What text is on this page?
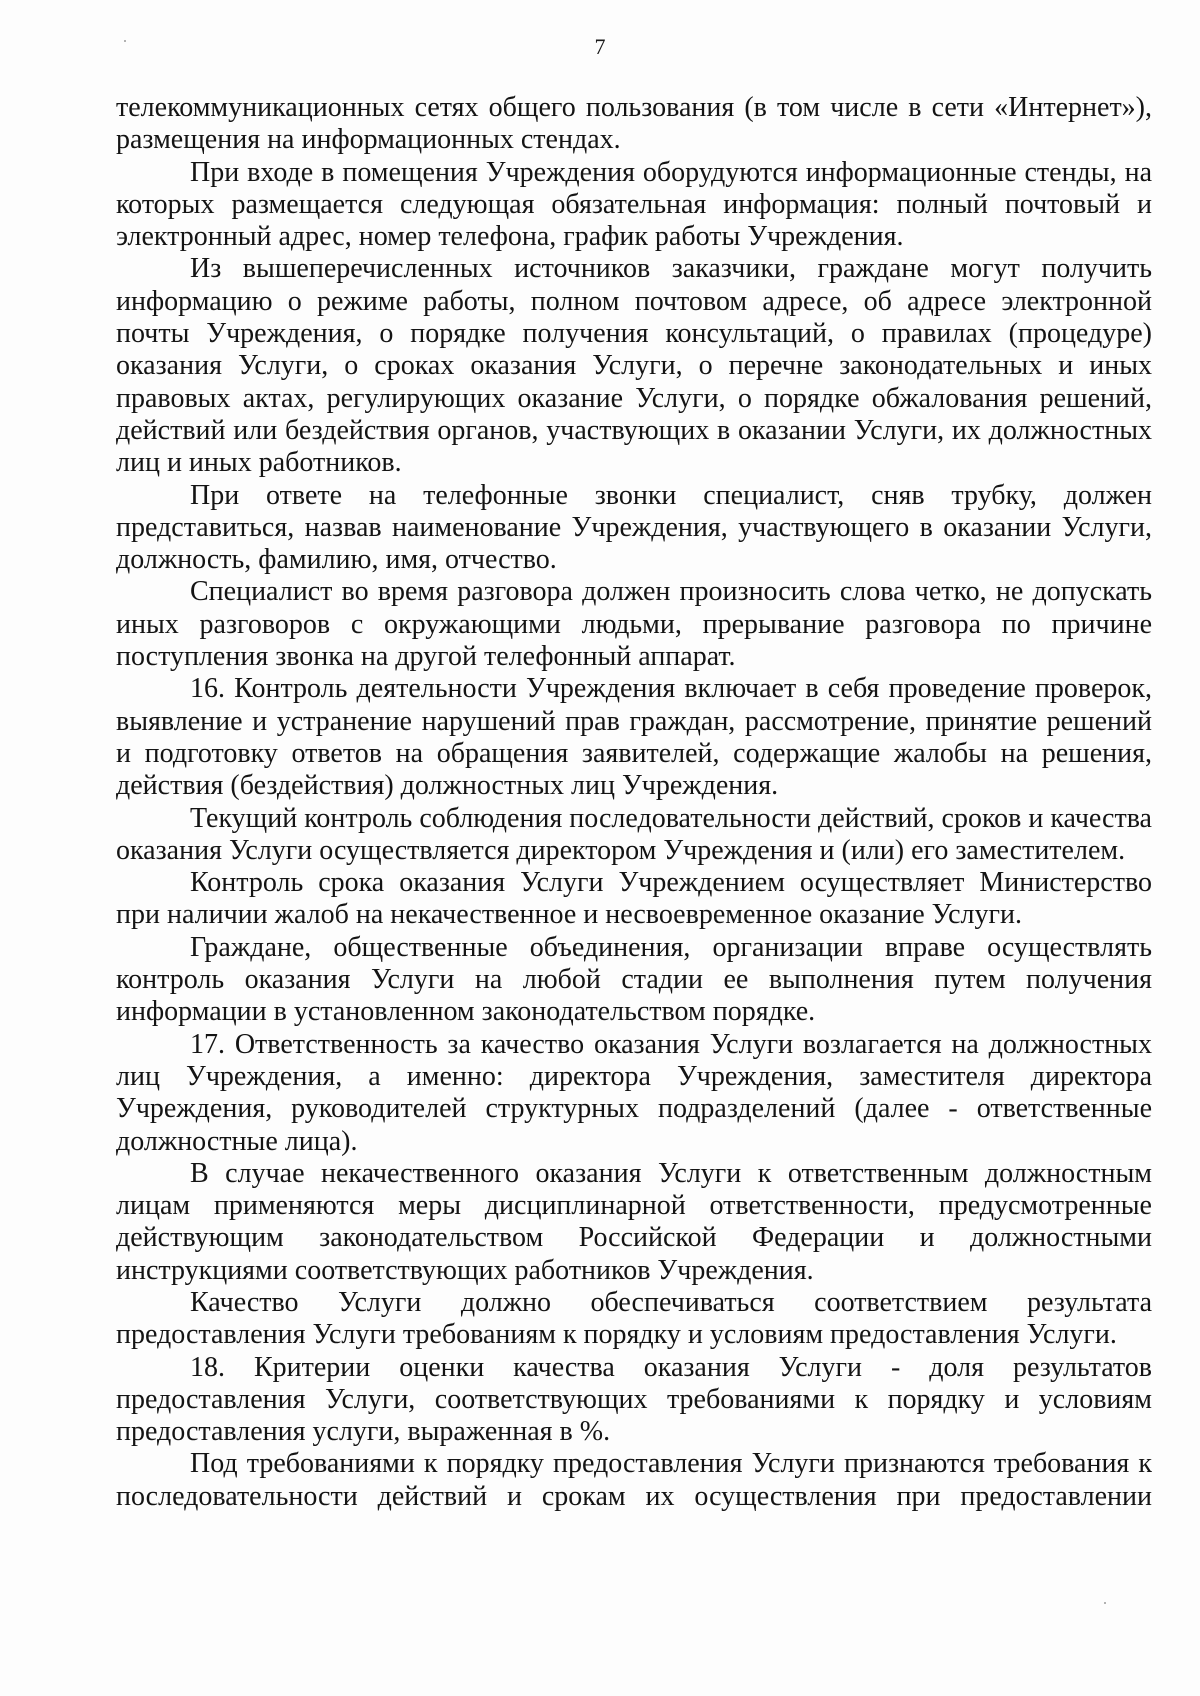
7

телекоммуникационных сетях общего пользования (в том числе в сети «Интернет»), размещения на информационных стендах.

При входе в помещения Учреждения оборудуются информационные стенды, на которых размещается следующая обязательная информация: полный почтовый и электронный адрес, номер телефона, график работы Учреждения.

Из вышеперечисленных источников заказчики, граждане могут получить информацию о режиме работы, полном почтовом адресе, об адресе электронной почты Учреждения, о порядке получения консультаций, о правилах (процедуре) оказания Услуги, о сроках оказания Услуги, о перечне законодательных и иных правовых актах, регулирующих оказание Услуги, о порядке обжалования решений, действий или бездействия органов, участвующих в оказании Услуги, их должностных лиц и иных работников.

При ответе на телефонные звонки специалист, сняв трубку, должен представиться, назвав наименование Учреждения, участвующего в оказании Услуги, должность, фамилию, имя, отчество.

Специалист во время разговора должен произносить слова четко, не допускать иных разговоров с окружающими людьми, прерывание разговора по причине поступления звонка на другой телефонный аппарат.

16. Контроль деятельности Учреждения включает в себя проведение проверок, выявление и устранение нарушений прав граждан, рассмотрение, принятие решений и подготовку ответов на обращения заявителей, содержащие жалобы на решения, действия (бездействия) должностных лиц Учреждения.

Текущий контроль соблюдения последовательности действий, сроков и качества оказания Услуги осуществляется директором Учреждения и (или) его заместителем.

Контроль срока оказания Услуги Учреждением осуществляет Министерство при наличии жалоб на некачественное и несвоевременное оказание Услуги.

Граждане, общественные объединения, организации вправе осуществлять контроль оказания Услуги на любой стадии ее выполнения путем получения информации в установленном законодательством порядке.

17. Ответственность за качество оказания Услуги возлагается на должностных лиц Учреждения, а именно: директора Учреждения, заместителя директора Учреждения, руководителей структурных подразделений (далее - ответственные должностные лица).

В случае некачественного оказания Услуги к ответственным должностным лицам применяются меры дисциплинарной ответственности, предусмотренные действующим законодательством Российской Федерации и должностными инструкциями соответствующих работников Учреждения.

Качество Услуги должно обеспечиваться соответствием результата предоставления Услуги требованиям к порядку и условиям предоставления Услуги.

18. Критерии оценки качества оказания Услуги - доля результатов предоставления Услуги, соответствующих требованиями к порядку и условиям предоставления услуги, выраженная в %.

Под требованиями к порядку предоставления Услуги признаются требования к последовательности действий и срокам их осуществления при предоставлении
